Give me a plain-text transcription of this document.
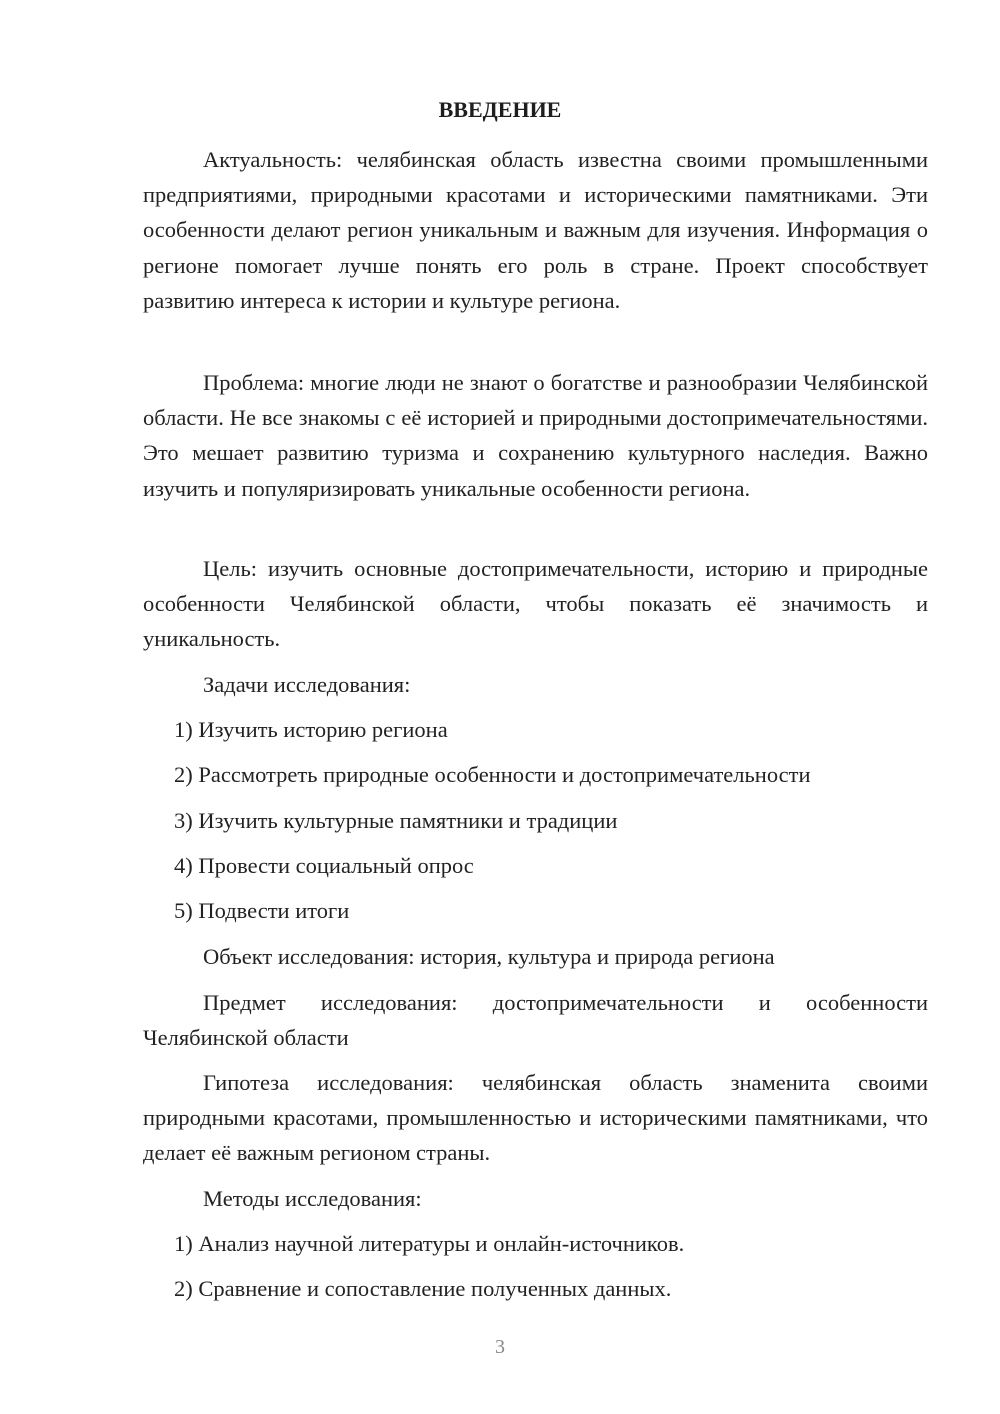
ВВЕДЕНИЕ

Актуальность: челябинская область известна своими промышленными предприятиями, природными красотами и историческими памятниками. Эти особенности делают регион уникальным и важным для изучения. Информация о регионе помогает лучше понять его роль в стране. Проект способствует развитию интереса к истории и культуре региона.

Проблема: многие люди не знают о богатстве и разнообразии Челябинской области. Не все знакомы с её историей и природными достопримечательностями. Это мешает развитию туризма и сохранению культурного наследия. Важно изучить и популяризировать уникальные особенности региона.

Цель: изучить основные достопримечательности, историю и природные особенности Челябинской области, чтобы показать её значимость и уникальность.

Задачи исследования:

1) Изучить историю региона

2) Рассмотреть природные особенности и достопримечательности

3) Изучить культурные памятники и традиции

4) Провести социальный опрос

5) Подвести итоги

Объект исследования: история, культура и природа региона

Предмет исследования: достопримечательности и особенности Челябинской области

Гипотеза исследования: челябинская область знаменита своими природными красотами, промышленностью и историческими памятниками, что делает её важным регионом страны.

Методы исследования:

1) Анализ научной литературы и онлайн-источников.

2) Сравнение и сопоставление полученных данных.

3
